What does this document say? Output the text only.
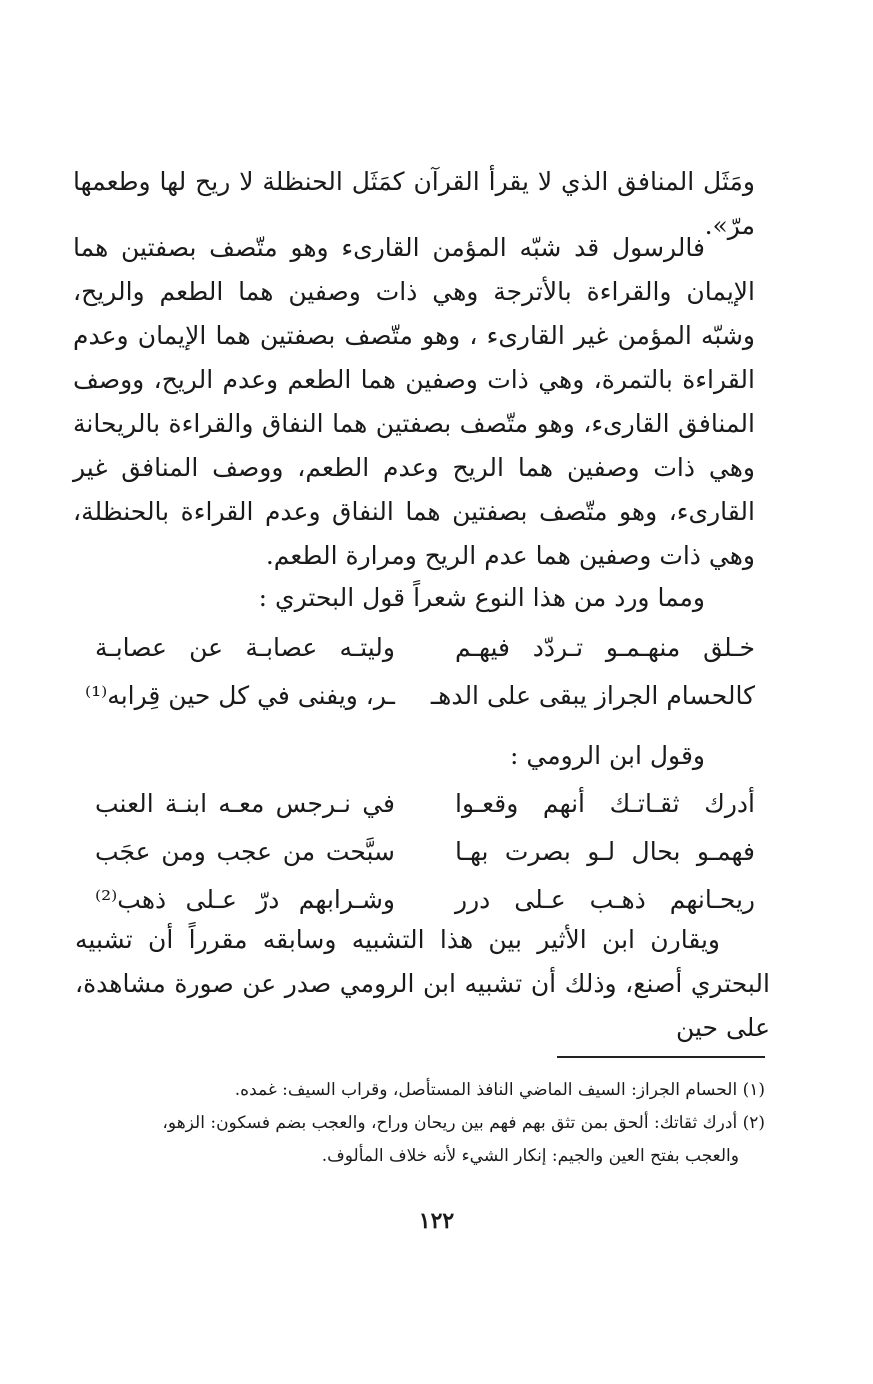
ومَثَل المنافق الذي لا يقرأ القرآن كمَثَل الحنظلة لا ريح لها وطعمها مرّ».
فالرسول قد شبّه المؤمن القارىء وهو متّصف بصفتين هما الإيمان والقراءة بالأترجة وهي ذات وصفين هما الطعم والريح، وشبّه المؤمن غير القارىء ، وهو متّصف بصفتين هما الإيمان وعدم القراءة بالتمرة، وهي ذات وصفين هما الطعم وعدم الريح، ووصف المنافق القارىء، وهو متّصف بصفتين هما النفاق والقراءة بالريحانة وهي ذات وصفين هما الريح وعدم الطعم، ووصف المنافق غير القارىء، وهو متّصف بصفتين هما النفاق وعدم القراءة بالحنظلة، وهي ذات وصفين هما عدم الريح ومرارة الطعم.
ومما ورد من هذا النوع شعراً قول البحتري :
خـلق منهـمـو تـردّد فيهـم
وليتـه عصابـة عن عصابـة
كالحسام الجراز يبقى على الدهـ
ـر، ويفنى في كل حين قِرابه⁽¹⁾
وقول ابن الرومي :
أدرك ثقـاتـك أنهم وقعـوا
في نـرجس معـه ابنـة العنب
فهمـو بحال لـو بصرت بهـا
سبَّحت من عجب ومن عجَب
ريحـانهم ذهـب عـلى درر
وشـرابهم درّ عـلى ذهب⁽²⁾
ويقارن ابن الأثير بين هذا التشبيه وسابقه مقرراً أن تشبيه البحتري أصنع، وذلك أن تشبيه ابن الرومي صدر عن صورة مشاهدة، على حين
(١) الحسام الجراز: السيف الماضي النافذ المستأصل، وقراب السيف: غمده.
(٢) أدرك ثقاتك: ألحق بمن تثق بهم فهم بين ريحان وراح، والعجب بضم فسكون: الزهو،
والعجب بفتح العين والجيم: إنكار الشيء لأنه خلاف المألوف.
١٢٢
